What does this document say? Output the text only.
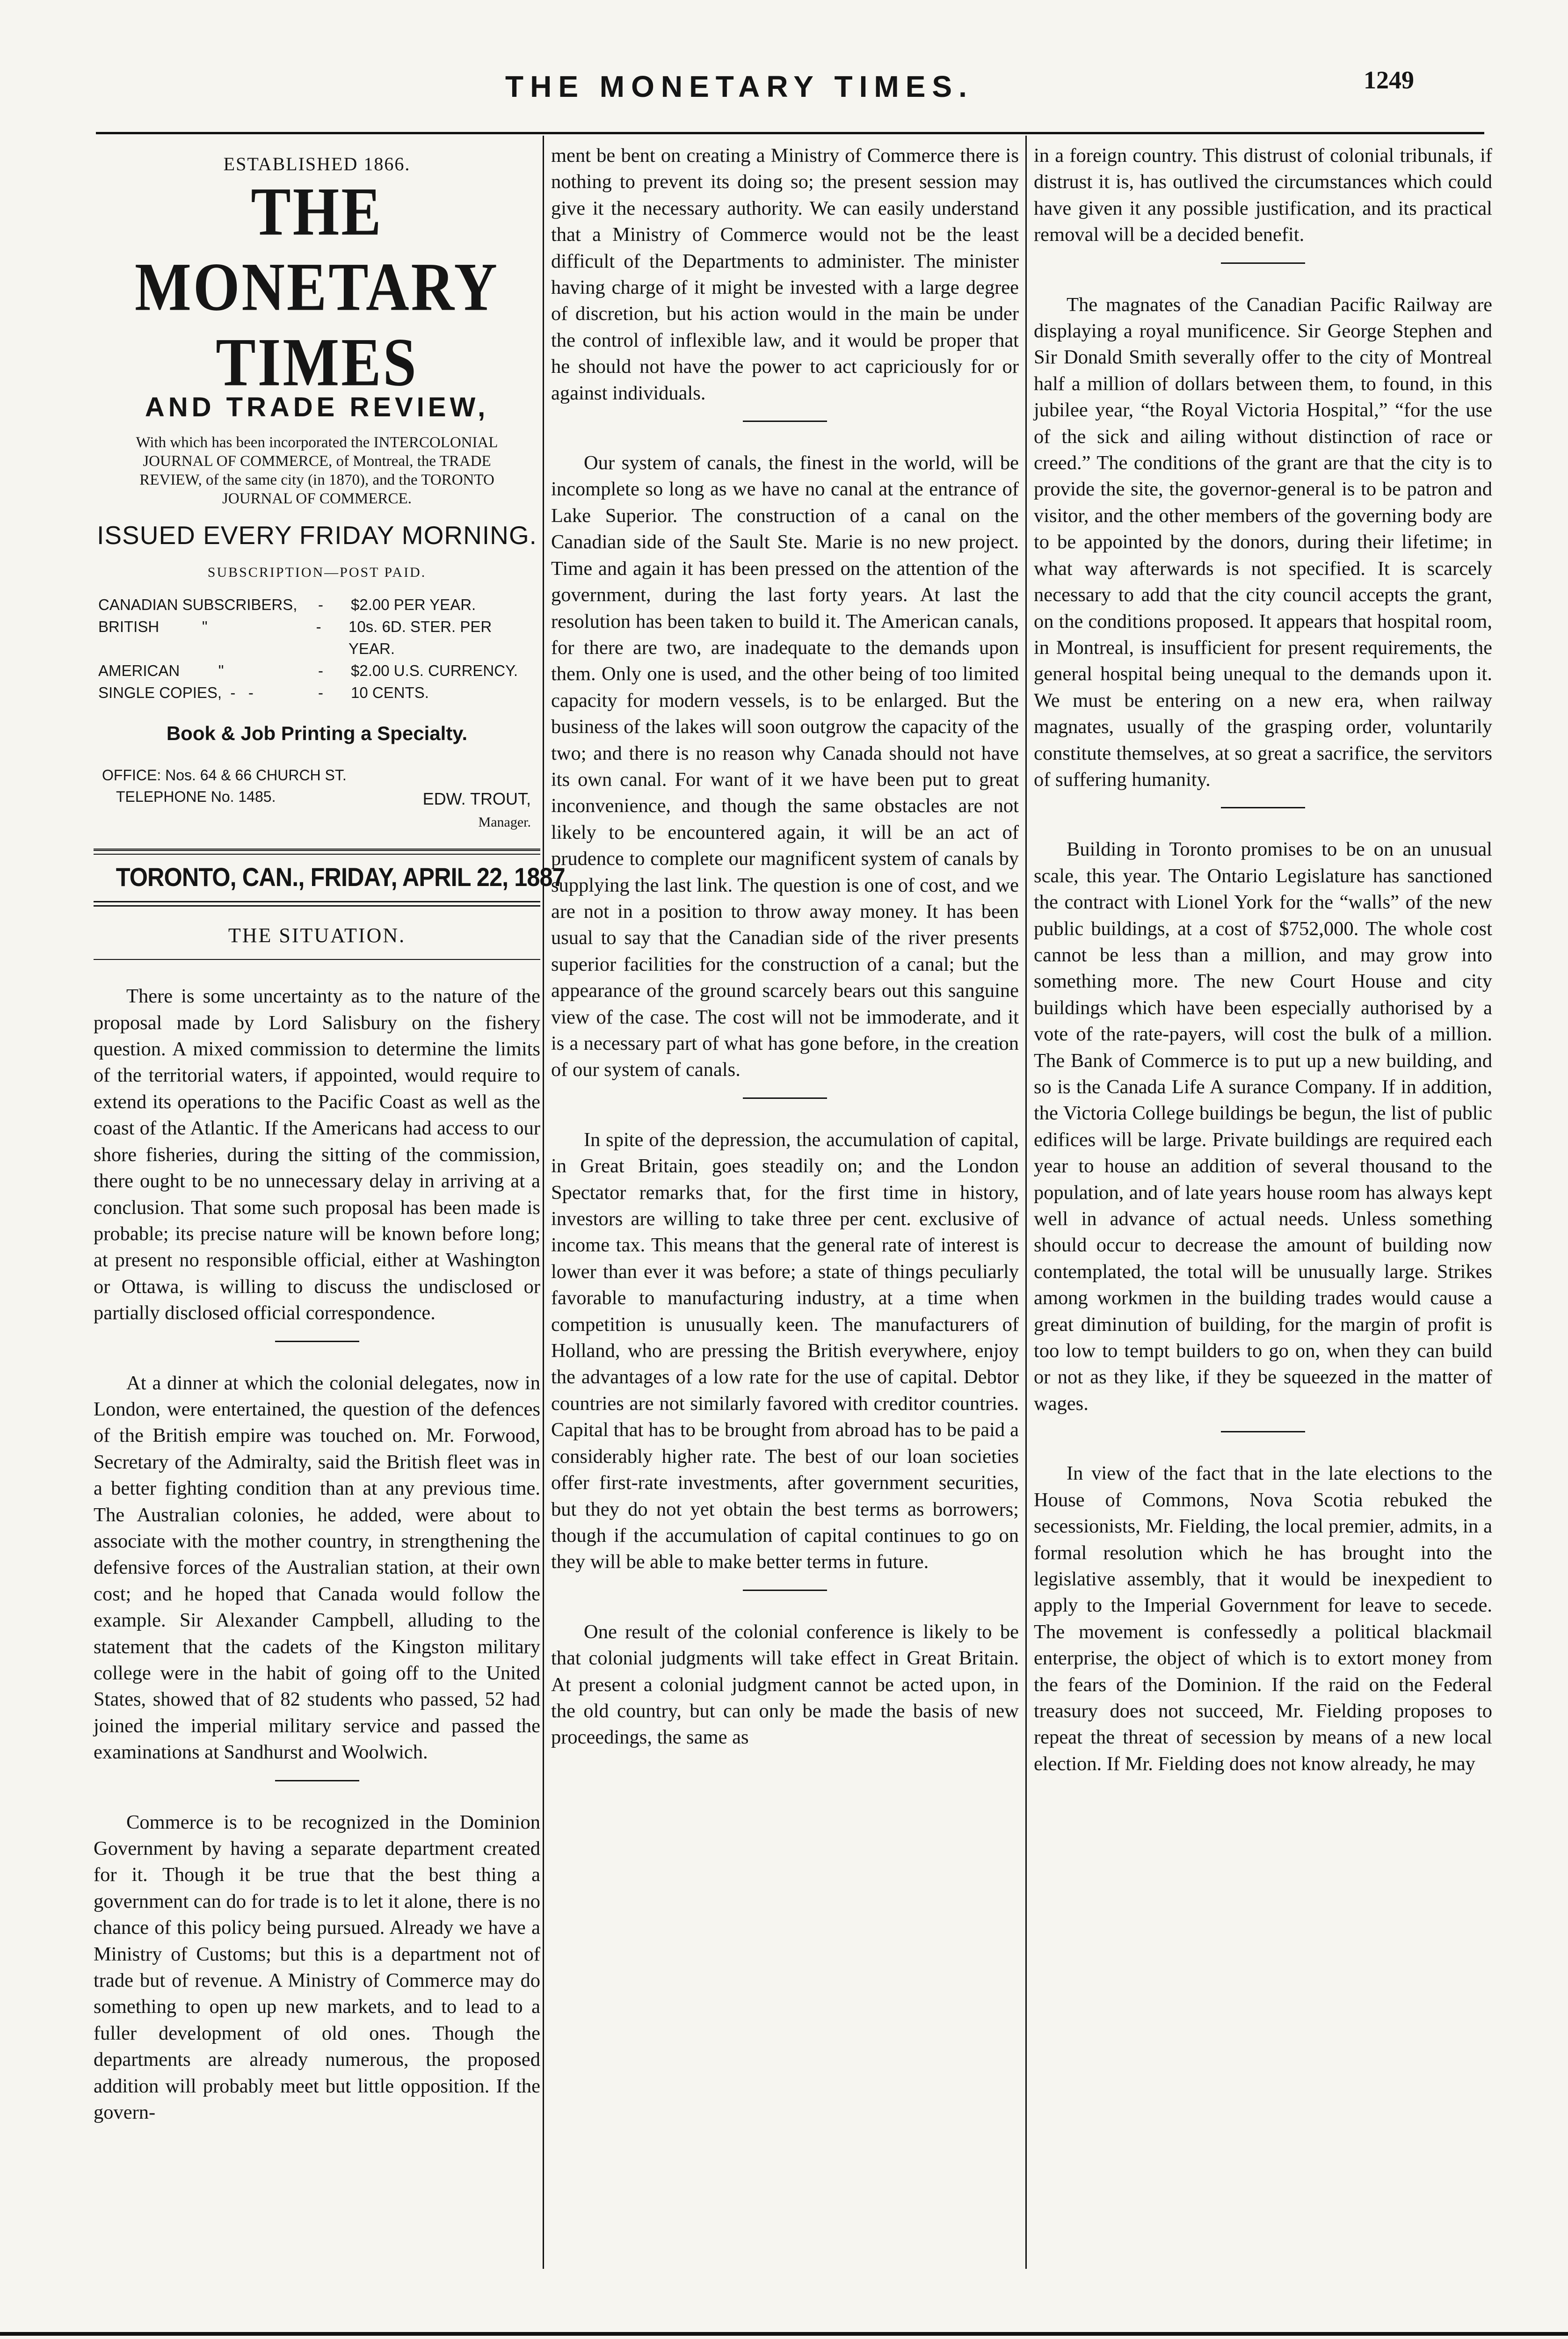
THE MONETARY TIMES.	1249
ESTABLISHED 1866.
THE MONETARY TIMES
AND TRADE REVIEW,
With which has been incorporated the INTERCOLONIAL JOURNAL OF COMMERCE, of Montreal, the TRADE REVIEW, of the same city (in 1870), and the TORONTO JOURNAL OF COMMERCE.
ISSUED EVERY FRIDAY MORNING.
SUBSCRIPTION—POST PAID.
CANADIAN SUBSCRIBERS,	-	$2.00 PER YEAR.
BRITISH          "	-	10s. 6D. STER. PER YEAR.
AMERICAN         "	-	$2.00 U.S. CURRENCY.
SINGLE COPIES,  -   -	-	10 CENTS.
Book & Job Printing a Specialty.
OFFICE: Nos. 64 & 66 CHURCH ST.
TELEPHONE No. 1485.	EDW. TROUT,
Manager.
TORONTO, CAN., FRIDAY, APRIL 22, 1887
THE SITUATION.

There is some uncertainty as to the nature of the proposal made by Lord Salisbury on the fishery question. A mixed commission to determine the limits of the territorial waters, if appointed, would require to extend its operations to the Pacific Coast as well as the coast of the Atlantic. If the Americans had access to our shore fisheries, during the sitting of the commission, there ought to be no unnecessary delay in arriving at a conclusion. That some such proposal has been made is probable; its precise nature will be known before long; at present no responsible official, either at Washington or Ottawa, is willing to discuss the undisclosed or partially disclosed official correspondence.

At a dinner at which the colonial delegates, now in London, were entertained, the question of the defences of the British empire was touched on. Mr. Forwood, Secretary of the Admiralty, said the British fleet was in a better fighting condition than at any previous time. The Australian colonies, he added, were about to associate with the mother country, in strengthening the defensive forces of the Australian station, at their own cost; and he hoped that Canada would follow the example. Sir Alexander Campbell, alluding to the statement that the cadets of the Kingston military college were in the habit of going off to the United States, showed that of 82 students who passed, 52 had joined the imperial military service and passed the examinations at Sandhurst and Woolwich.

Commerce is to be recognized in the Dominion Government by having a separate department created for it. Though it be true that the best thing a government can do for trade is to let it alone, there is no chance of this policy being pursued. Already we have a Ministry of Customs; but this is a department not of trade but of revenue. A Ministry of Commerce may do something to open up new markets, and to lead to a fuller development of old ones. Though the departments are already numerous, the proposed addition will probably meet but little opposition. If the govern-

ment be bent on creating a Ministry of Commerce there is nothing to prevent its doing so; the present session may give it the necessary authority. We can easily understand that a Ministry of Commerce would not be the least difficult of the Departments to administer. The minister having charge of it might be invested with a large degree of discretion, but his action would in the main be under the control of inflexible law, and it would be proper that he should not have the power to act capriciously for or against individuals.

Our system of canals, the finest in the world, will be incomplete so long as we have no canal at the entrance of Lake Superior. The construction of a canal on the Canadian side of the Sault Ste. Marie is no new project. Time and again it has been pressed on the attention of the government, during the last forty years. At last the resolution has been taken to build it. The American canals, for there are two, are inadequate to the demands upon them. Only one is used, and the other being of too limited capacity for modern vessels, is to be enlarged. But the business of the lakes will soon outgrow the capacity of the two; and there is no reason why Canada should not have its own canal. For want of it we have been put to great inconvenience, and though the same obstacles are not likely to be encountered again, it will be an act of prudence to complete our magnificent system of canals by supplying the last link. The question is one of cost, and we are not in a position to throw away money. It has been usual to say that the Canadian side of the river presents superior facilities for the construction of a canal; but the appearance of the ground scarcely bears out this sanguine view of the case. The cost will not be immoderate, and it is a necessary part of what has gone before, in the creation of our system of canals.

In spite of the depression, the accumulation of capital, in Great Britain, goes steadily on; and the London Spectator remarks that, for the first time in history, investors are willing to take three per cent. exclusive of income tax. This means that the general rate of interest is lower than ever it was before; a state of things peculiarly favorable to manufacturing industry, at a time when competition is unusually keen. The manufacturers of Holland, who are pressing the British everywhere, enjoy the advantages of a low rate for the use of capital. Debtor countries are not similarly favored with creditor countries. Capital that has to be brought from abroad has to be paid a considerably higher rate. The best of our loan societies offer first-rate investments, after government securities, but they do not yet obtain the best terms as borrowers; though if the accumulation of capital continues to go on they will be able to make better terms in future.

One result of the colonial conference is likely to be that colonial judgments will take effect in Great Britain. At present a colonial judgment cannot be acted upon, in the old country, but can only be made the basis of new proceedings, the same as

in a foreign country. This distrust of colonial tribunals, if distrust it is, has outlived the circumstances which could have given it any possible justification, and its practical removal will be a decided benefit.

The magnates of the Canadian Pacific Railway are displaying a royal munificence. Sir George Stephen and Sir Donald Smith severally offer to the city of Montreal half a million of dollars between them, to found, in this jubilee year, “the Royal Victoria Hospital,” “for the use of the sick and ailing without distinction of race or creed.” The conditions of the grant are that the city is to provide the site, the governor-general is to be patron and visitor, and the other members of the governing body are to be appointed by the donors, during their lifetime; in what way afterwards is not specified. It is scarcely necessary to add that the city council accepts the grant, on the conditions proposed. It appears that hospital room, in Montreal, is insufficient for present requirements, the general hospital being unequal to the demands upon it. We must be entering on a new era, when railway magnates, usually of the grasping order, voluntarily constitute themselves, at so great a sacrifice, the servitors of suffering humanity.

Building in Toronto promises to be on an unusual scale, this year. The Ontario Legislature has sanctioned the contract with Lionel York for the “walls” of the new public buildings, at a cost of $752,000. The whole cost cannot be less than a million, and may grow into something more. The new Court House and city buildings which have been especially authorised by a vote of the rate-payers, will cost the bulk of a million. The Bank of Commerce is to put up a new building, and so is the Canada Life A surance Company. If in addition, the Victoria College buildings be begun, the list of public edifices will be large. Private buildings are required each year to house an addition of several thousand to the population, and of late years house room has always kept well in advance of actual needs. Unless something should occur to decrease the amount of building now contemplated, the total will be unusually large. Strikes among workmen in the building trades would cause a great diminution of building, for the margin of profit is too low to tempt builders to go on, when they can build or not as they like, if they be squeezed in the matter of wages.

In view of the fact that in the late elections to the House of Commons, Nova Scotia rebuked the secessionists, Mr. Fielding, the local premier, admits, in a formal resolution which he has brought into the legislative assembly, that it would be inexpedient to apply to the Imperial Government for leave to secede. The movement is confessedly a political blackmail enterprise, the object of which is to extort money from the fears of the Dominion. If the raid on the Federal treasury does not succeed, Mr. Fielding proposes to repeat the threat of secession by means of a new local election. If Mr. Fielding does not know already, he may
